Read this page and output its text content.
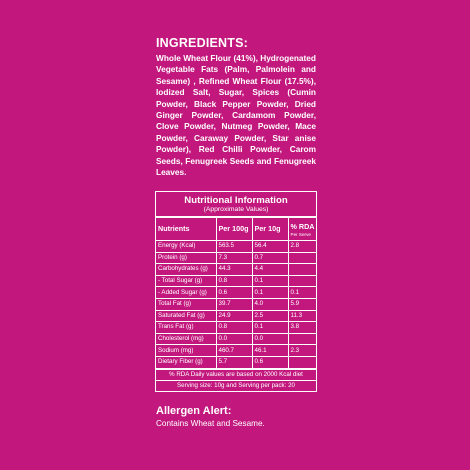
INGREDIENTS:
Whole Wheat Flour (41%), Hydrogenated Vegetable Fats (Palm, Palmolein and Sesame) , Refined Wheat Flour (17.5%), Iodized Salt, Sugar, Spices (Cumin Powder, Black Pepper Powder, Dried Ginger Powder, Cardamom Powder, Clove Powder, Nutmeg Powder, Mace Powder, Caraway Powder, Star anise Powder), Red Chilli Powder, Carom Seeds, Fenugreek Seeds and Fenugreek Leaves.
Nutritional Information
(Approximate Values)
Nutrients	Per 100g	Per 10g	% RDA
Per Serve

Energy (Kcal)	563.5	56.4	2.8
Protein (g)	7.3	0.7	
Carbohydrates (g)	44.3	4.4	
- Total Sugar (g)	0.8	0.1	
- Added Sugar (g)	0.6	0.1	0.1
Total Fat (g)	39.7	4.0	5.9
Saturated Fat (g)	24.9	2.5	11.3
Trans Fat (g)	0.8	0.1	3.8
Cholesterol (mg)	0.0	0.0	
Sodium (mg)	460.7	46.1	2.3
Dietary Fiber (g)	5.7	0.6	
% RDA Daily values are based on 2000 Kcal diet
Serving size: 10g and Serving per pack: 20
Allergen Alert:
Contains Wheat and Sesame.
